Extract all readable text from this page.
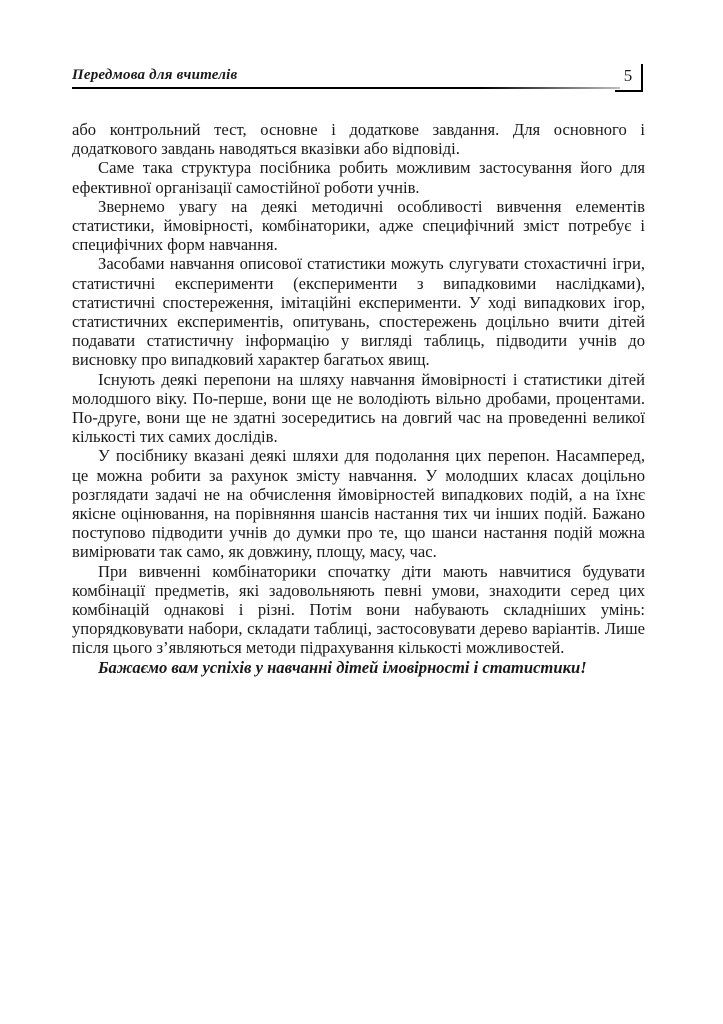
Передмова для вчителів	5

або контрольний тест, основне і додаткове завдання. Для основного і додаткового завдань наводяться вказівки або відповіді.

Саме така структура посібника робить можливим застосування його для ефективної організації самостійної роботи учнів.

Звернемо увагу на деякі методичні особливості вивчення елементів статистики, ймовірності, комбінаторики, адже специфічний зміст потребує і специфічних форм навчання.

Засобами навчання описової статистики можуть слугувати стохастичні ігри, статистичні експерименти (експерименти з випадковими наслідками), статистичні спостереження, імітаційні експерименти. У ході випадкових ігор, статистичних експериментів, опитувань, спостережень доцільно вчити дітей подавати статистичну інформацію у вигляді таблиць, підводити учнів до висновку про випадковий характер багатьох явищ.

Існують деякі перепони на шляху навчання ймовірності і статистики дітей молодшого віку. По-перше, вони ще не володіють вільно дробами, процентами. По-друге, вони ще не здатні зосередитись на довгий час на проведенні великої кількості тих самих дослідів.

У посібнику вказані деякі шляхи для подолання цих перепон. Насамперед, це можна робити за рахунок змісту навчання. У молодших класах доцільно розглядати задачі не на обчислення ймовірностей випадкових подій, а на їхнє якісне оцінювання, на порівняння шансів настання тих чи інших подій. Бажано поступово підводити учнів до думки про те, що шанси настання подій можна вимірювати так само, як довжину, площу, масу, час.

При вивченні комбінаторики спочатку діти мають навчитися будувати комбінації предметів, які задовольняють певні умови, знаходити серед цих комбінацій однакові і різні. Потім вони набувають складніших умінь: упорядковувати набори, складати таблиці, застосовувати дерево варіантів. Лише після цього з’являються методи підрахування кількості можливостей.

Бажаємо вам успіхів у навчанні дітей імовірності і статистики!
